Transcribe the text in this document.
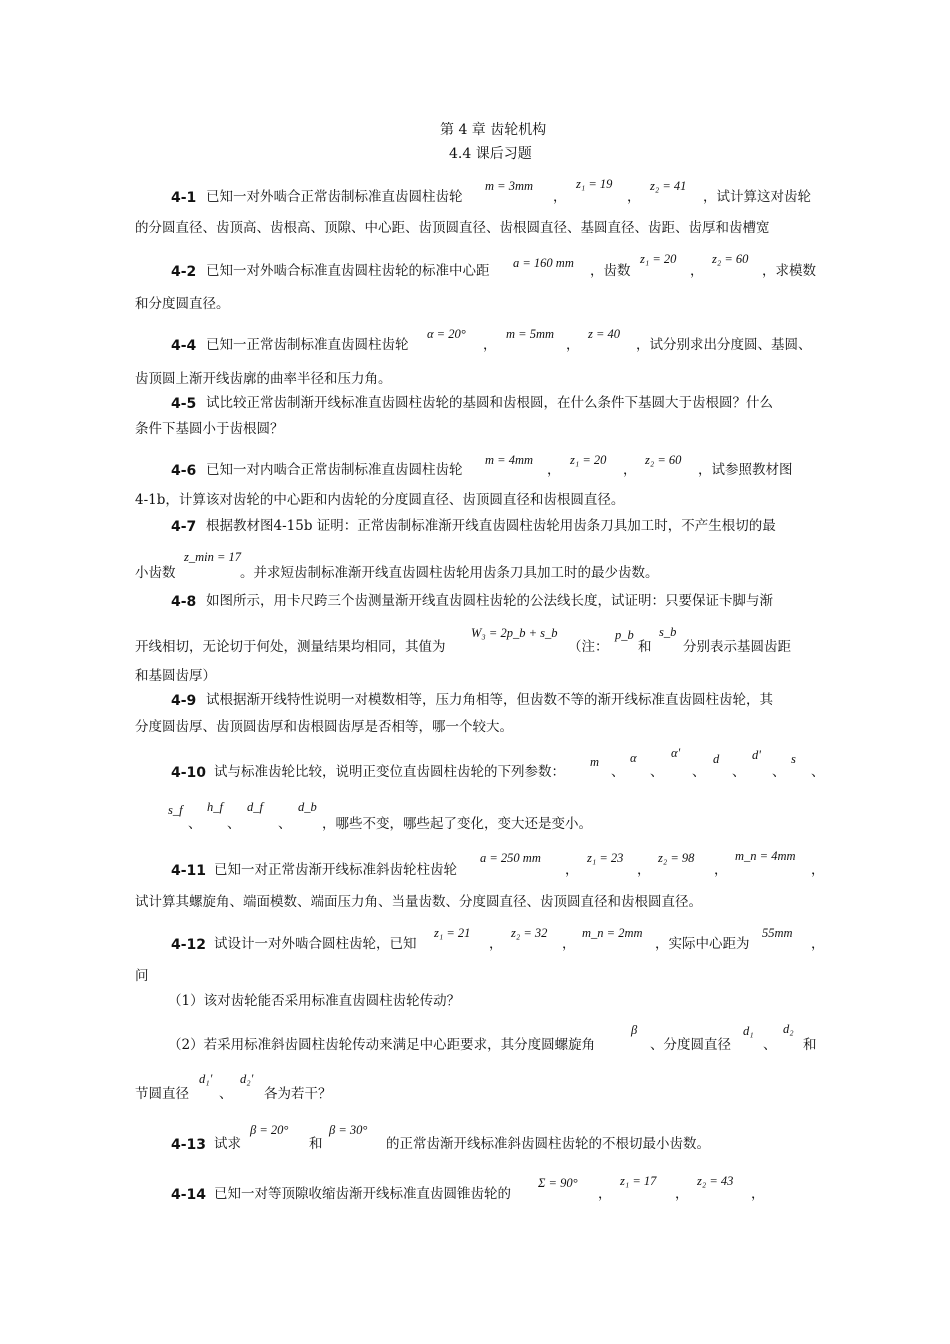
第 4 章 齿轮机构
4.4 课后习题
4-1 已知一对外啮合正常齿制标准直齿圆柱齿轮
m = 3mm
，
z₁ = 19
，
z₂ = 41
，试计算这对齿轮
的分圆直径、齿顶高、齿根高、顶隙、中心距、齿顶圆直径、齿根圆直径、基圆直径、齿距、齿厚和齿槽宽
4-2 已知一对外啮合标准直齿圆柱齿轮的标准中心距 a = 160 mm ，齿数
z₁ = 20
，
z₂ = 60
，求模数
和分度圆直径。
4-4 已知一正常齿制标准直齿圆柱齿轮
α = 20°
，
m = 5mm
，
z = 40
，试分别求出分度圆、基圆、
齿顶圆上渐开线齿廓的曲率半径和压力角。
4-5 试比较正常齿制渐开线标准直齿圆柱齿轮的基圆和齿根圆，在什么条件下基圆大于齿根圆？什么
条件下基圆小于齿根圆？
4-6 已知一对内啮合正常齿制标准直齿圆柱齿轮
m = 4mm
，
z₁ = 20
，
z₂ = 60
，试参照教材图
4-1b，计算该对齿轮的中心距和内齿轮的分度圆直径、齿顶圆直径和齿根圆直径。
4-7 根据教材图4-15b 证明：正常齿制标准渐开线直齿圆柱齿轮用齿条刀具加工时，不产生根切的最
小齿数
z_min = 17
。并求短齿制标准渐开线直齿圆柱齿轮用齿条刀具加工时的最少齿数。
4-8 如图所示，用卡尺跨三个齿测量渐开线直齿圆柱齿轮的公法线长度，试证明：只要保证卡脚与渐
开线相切，无论切于何处，测量结果均相同，其值为
W₃ = 2p_b + s_b
（注：
p_b
和
s_b
分别表示基圆齿距
和基圆齿厚）
4-9 试根据渐开线特性说明一对模数相等，压力角相等，但齿数不等的渐开线标准直齿圆柱齿轮，其
分度圆齿厚、齿顶圆齿厚和齿根圆齿厚是否相等，哪一个较大。
4-10 试与标准齿轮比较，说明正变位直齿圆柱齿轮的下列参数：
m
、
α
、
α'
、
d
、
d'
、
s
、
s_f
、
h_f
、
d_f
、
d_b
，哪些不变，哪些起了变化，变大还是变小。
4-11 已知一对正常齿渐开线标准斜齿轮柱齿轮
a = 250 mm
，
z₁ = 23
，
z₂ = 98
，
m_n = 4mm
，
试计算其螺旋角、端面模数、端面压力角、当量齿数、分度圆直径、齿顶圆直径和齿根圆直径。
4-12 试设计一对外啮合圆柱齿轮，已知
z₁ = 21
，
z₂ = 32
，
m_n = 2mm
，实际中心距为
55mm
，
问
（1）该对齿轮能否采用标准直齿圆柱齿轮传动？
（2）若采用标准斜齿圆柱齿轮传动来满足中心距要求，其分度圆螺旋角
β
、分度圆直径
d₁
、
d₂
和
节圆直径
d₁'
、
d₂'
各为若干？
4-13 试求
β = 20°
和
β = 30°
的正常齿渐开线标准斜齿圆柱齿轮的不根切最小齿数。
4-14 已知一对等顶隙收缩齿渐开线标准直齿圆锥齿轮的
Σ = 90°
，
z₁ = 17
，
z₂ = 43
，
